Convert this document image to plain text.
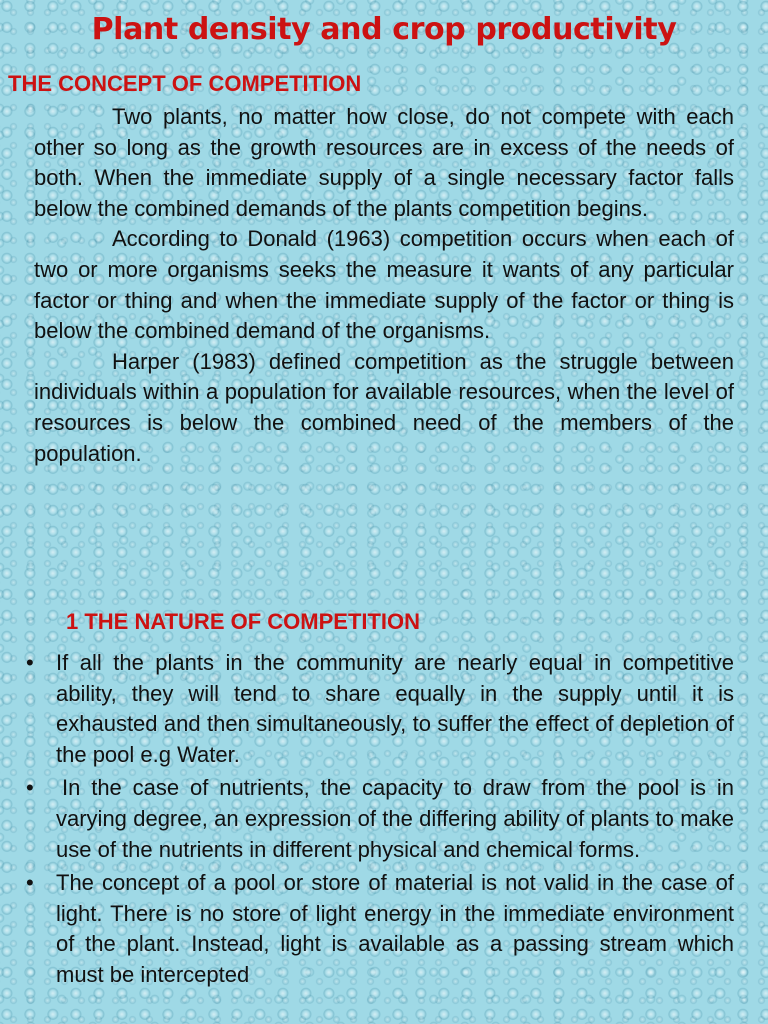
Plant density and crop productivity
THE CONCEPT OF COMPETITION

Two plants, no matter how close, do not compete with each other so long as the growth resources are in excess of the needs of both. When the immediate supply of a single necessary factor falls below the combined demands of the plants competition begins.

According to Donald (1963) competition occurs when each of two or more organisms seeks the measure it wants of any particular factor or thing and when the immediate supply of the factor or thing is below the combined demand of the organisms.

Harper (1983) defined competition as the struggle between individuals within a population for available resources, when the level of resources is below the combined need of the members of the population.

1 THE NATURE OF COMPETITION
•	If all the plants in the community are nearly equal in competitive ability, they will tend to share equally in the supply until it is exhausted and then simultaneously, to suffer the effect of depletion of the pool e.g Water.
•	In the case of nutrients, the capacity to draw from the pool is in varying degree, an expression of the differing ability of plants to make use of the nutrients in different physical and chemical forms.
•	The concept of a pool or store of material is not valid in the case of light. There is no store of light energy in the immediate environment of the plant. Instead, light is available as a passing stream which must be intercepted
